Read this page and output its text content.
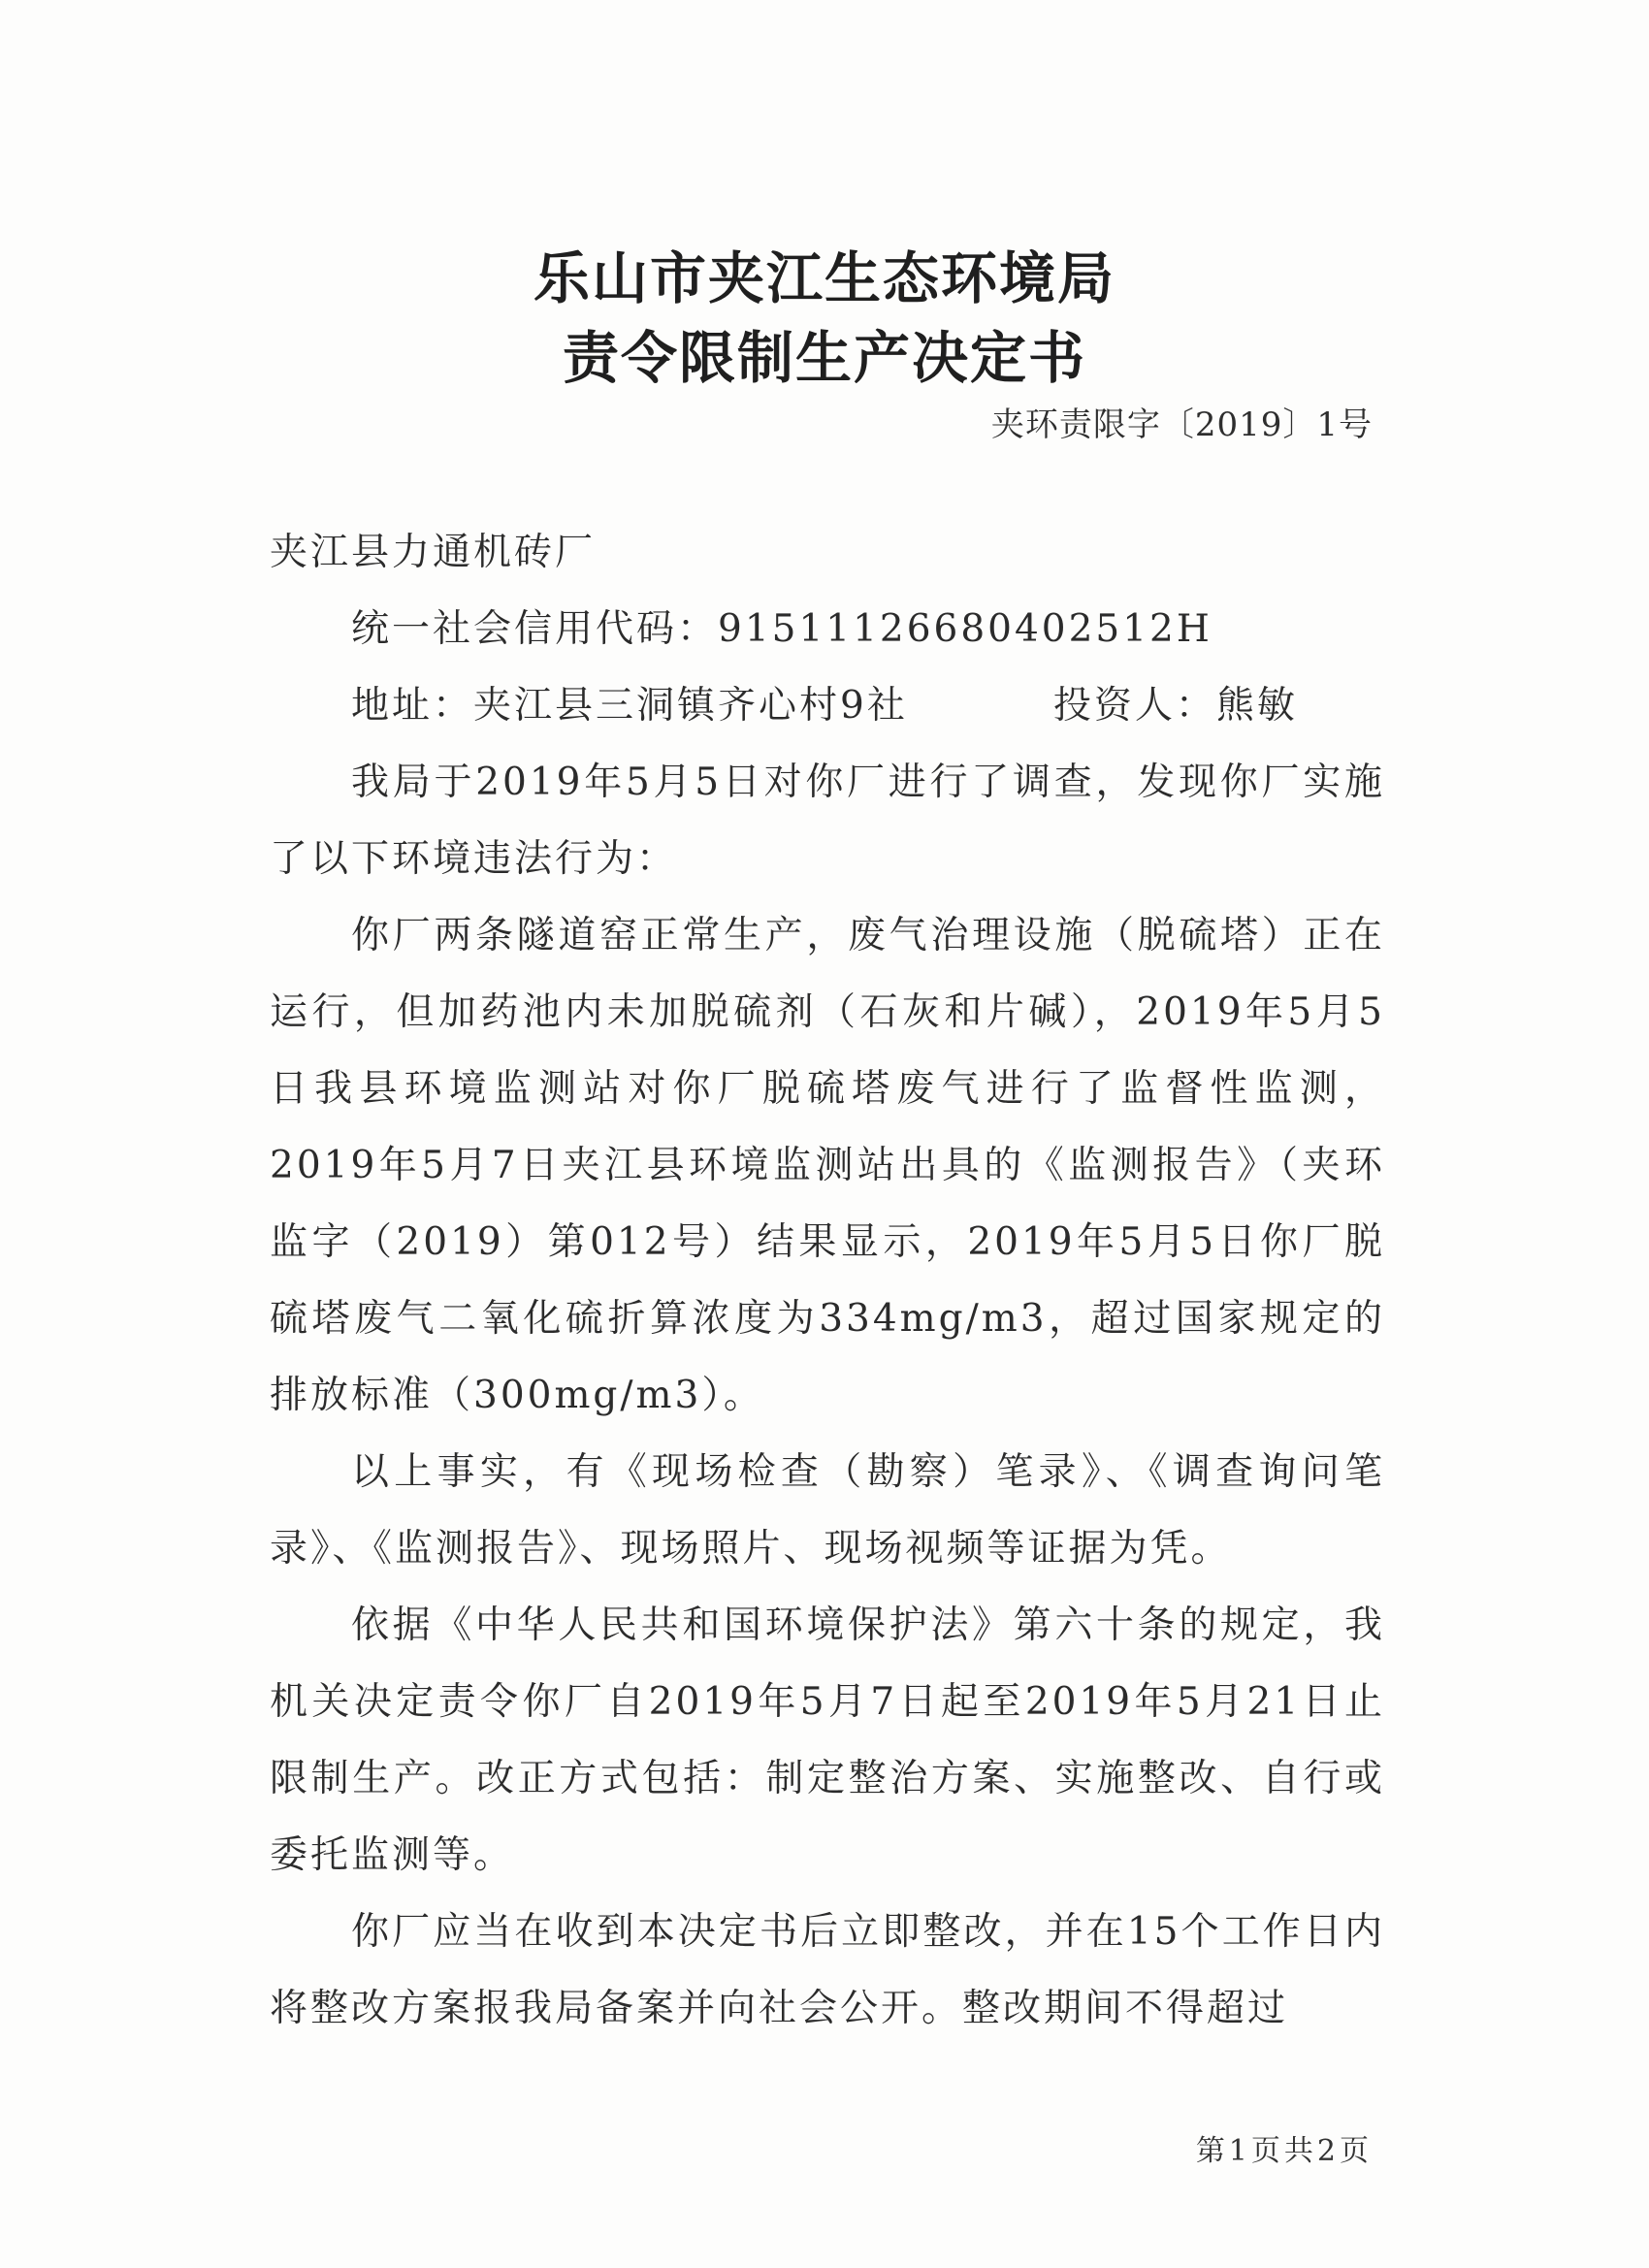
乐山市夹江生态环境局
责令限制生产决定书
夹环责限字〔2019〕1号
夹江县力通机砖厂
统一社会信用代码：91511126680402512H
地址：夹江县三洞镇齐心村9社	投资人：熊敏
我局于2019年5月5日对你厂进行了调查，发现你厂实施了以下环境违法行为：
你厂两条隧道窑正常生产，废气治理设施（脱硫塔）正在运行，但加药池内未加脱硫剂（石灰和片碱），2019年5月5日我县环境监测站对你厂脱硫塔废气进行了监督性监测，2019年5月7日夹江县环境监测站出具的《监测报告》（夹环监字（2019）第012号）结果显示，2019年5月5日你厂脱硫塔废气二氧化硫折算浓度为334mg/m3，超过国家规定的排放标准（300mg/m3）。
以上事实，有《现场检查（勘察）笔录》、《调查询问笔录》、《监测报告》、现场照片、现场视频等证据为凭。
依据《中华人民共和国环境保护法》第六十条的规定，我机关决定责令你厂自2019年5月7日起至2019年5月21日止限制生产。改正方式包括：制定整治方案、实施整改、自行或委托监测等。
你厂应当在收到本决定书后立即整改，并在15个工作日内将整改方案报我局备案并向社会公开。整改期间不得超过
第1页共2页
